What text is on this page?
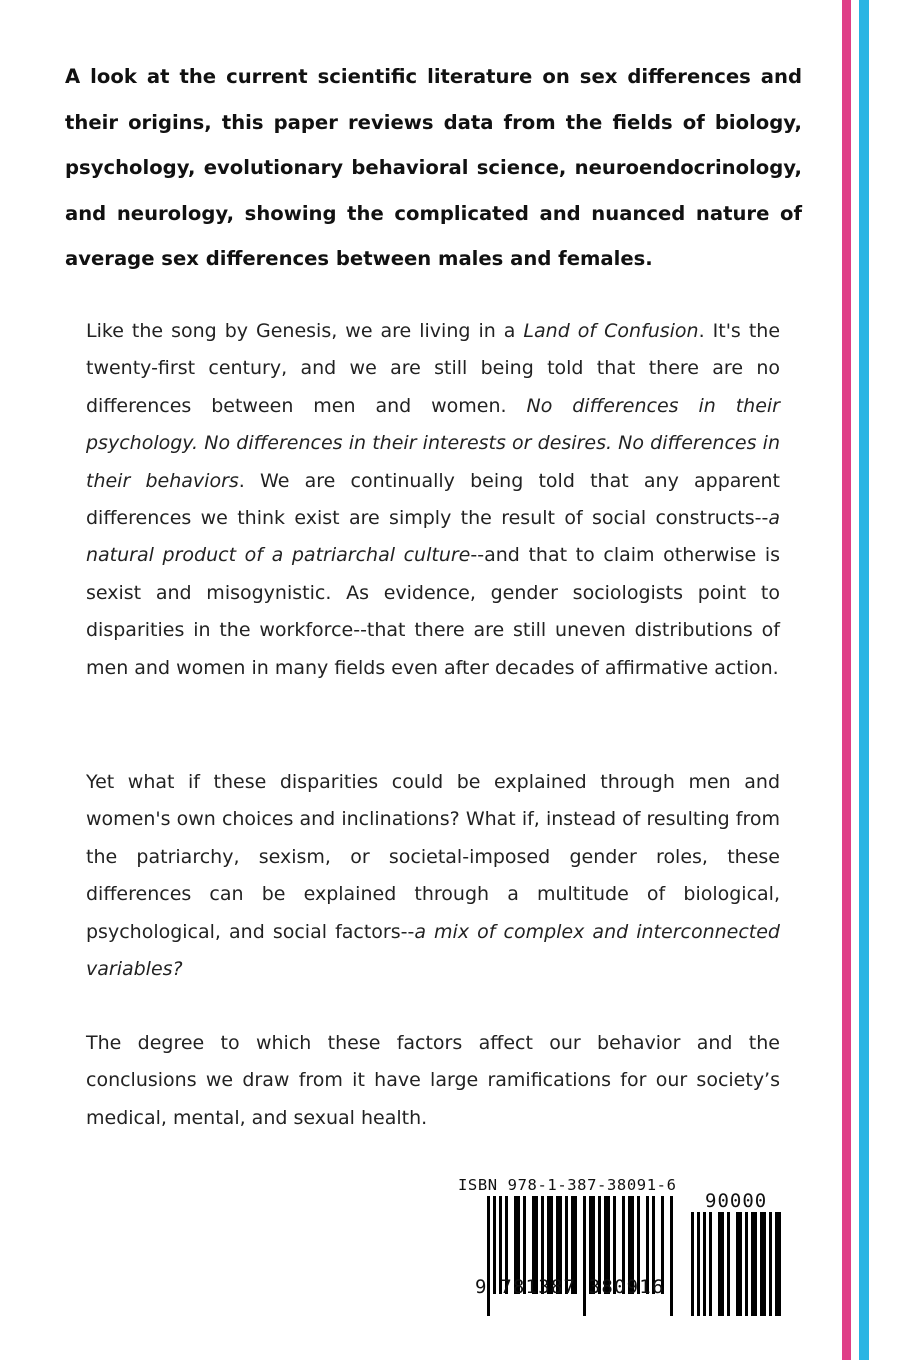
A look at the current scientific literature on sex differences and their origins, this paper reviews data from the fields of biology, psychology, evolutionary behavioral science, neuroendocrinology, and neurology, showing the complicated and nuanced nature of average sex differences between males and females.

Like the song by Genesis, we are living in a Land of Confusion. It's the twenty-first century, and we are still being told that there are no differences between men and women. No differences in their psychology. No differences in their interests or desires. No differences in their behaviors. We are continually being told that any apparent differences we think exist are simply the result of social constructs--a natural product of a patriarchal culture--and that to claim otherwise is sexist and misogynistic. As evidence, gender sociologists point to disparities in the workforce--that there are still uneven distributions of men and women in many fields even after decades of affirmative action.

Yet what if these disparities could be explained through men and women's own choices and inclinations? What if, instead of resulting from the patriarchy, sexism, or societal-imposed gender roles, these differences can be explained through a multitude of biological, psychological, and social factors--a mix of complex and interconnected variables?

The degree to which these factors affect our behavior and the conclusions we draw from it have large ramifications for our society’s medical, mental, and sexual health.

ISBN 978-1-387-38091-6
90000
9 781387 380916
